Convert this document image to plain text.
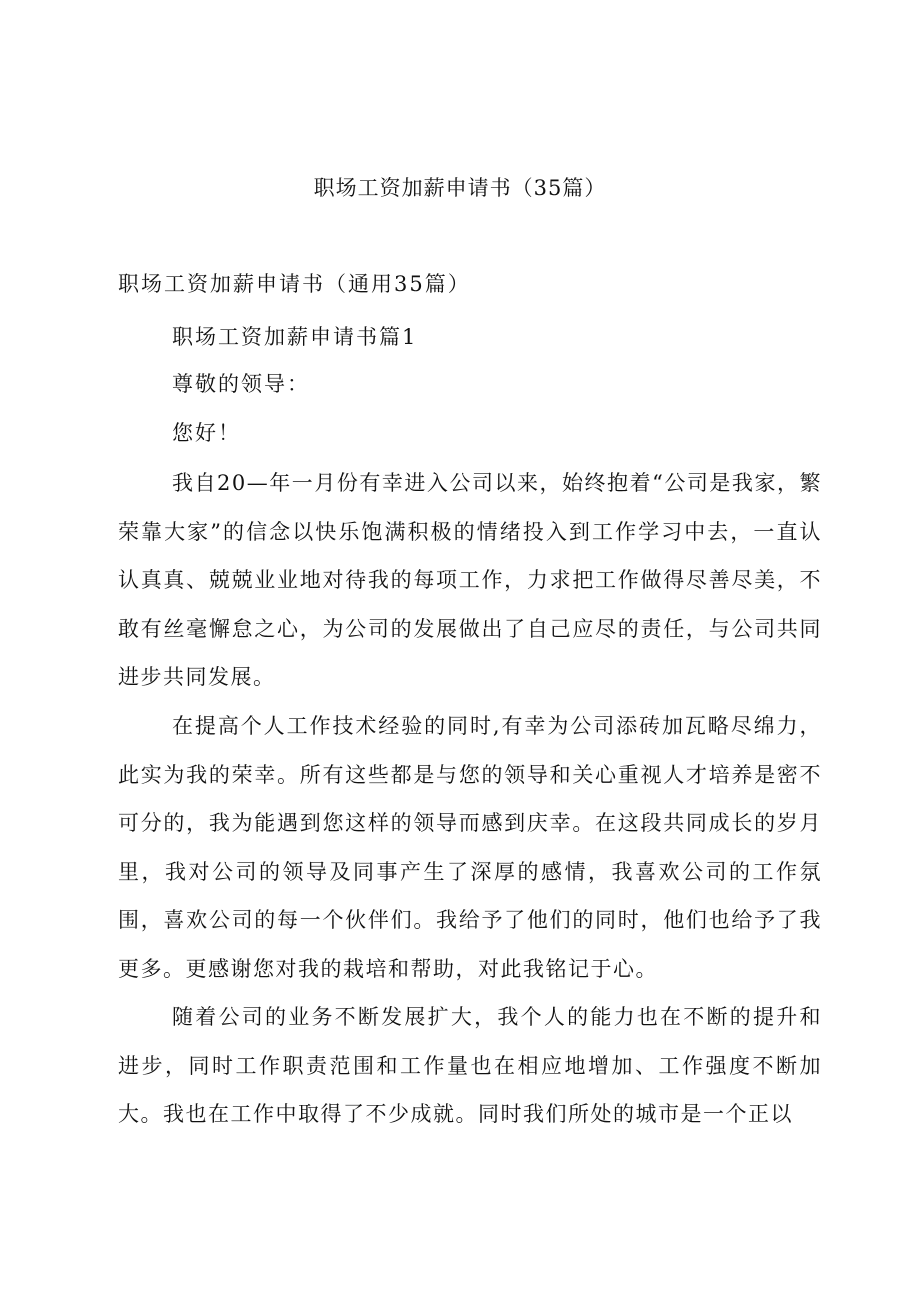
职场工资加薪申请书（35篇）
职场工资加薪申请书（通用35篇）
职场工资加薪申请书篇1
尊敬的领导：
您好！
我自20—年一月份有幸进入公司以来，始终抱着“公司是我家，繁荣靠大家”的信念以快乐饱满积极的情绪投入到工作学习中去，一直认认真真、兢兢业业地对待我的每项工作，力求把工作做得尽善尽美，不敢有丝毫懈怠之心，为公司的发展做出了自己应尽的责任，与公司共同进步共同发展。
在提高个人工作技术经验的同时,有幸为公司添砖加瓦略尽绵力，此实为我的荣幸。所有这些都是与您的领导和关心重视人才培养是密不可分的，我为能遇到您这样的领导而感到庆幸。在这段共同成长的岁月里，我对公司的领导及同事产生了深厚的感情，我喜欢公司的工作氛围，喜欢公司的每一个伙伴们。我给予了他们的同时，他们也给予了我更多。更感谢您对我的栽培和帮助，对此我铭记于心。
随着公司的业务不断发展扩大，我个人的能力也在不断的提升和进步，同时工作职责范围和工作量也在相应地增加、工作强度不断加大。我也在工作中取得了不少成就。同时我们所处的城市是一个正以
